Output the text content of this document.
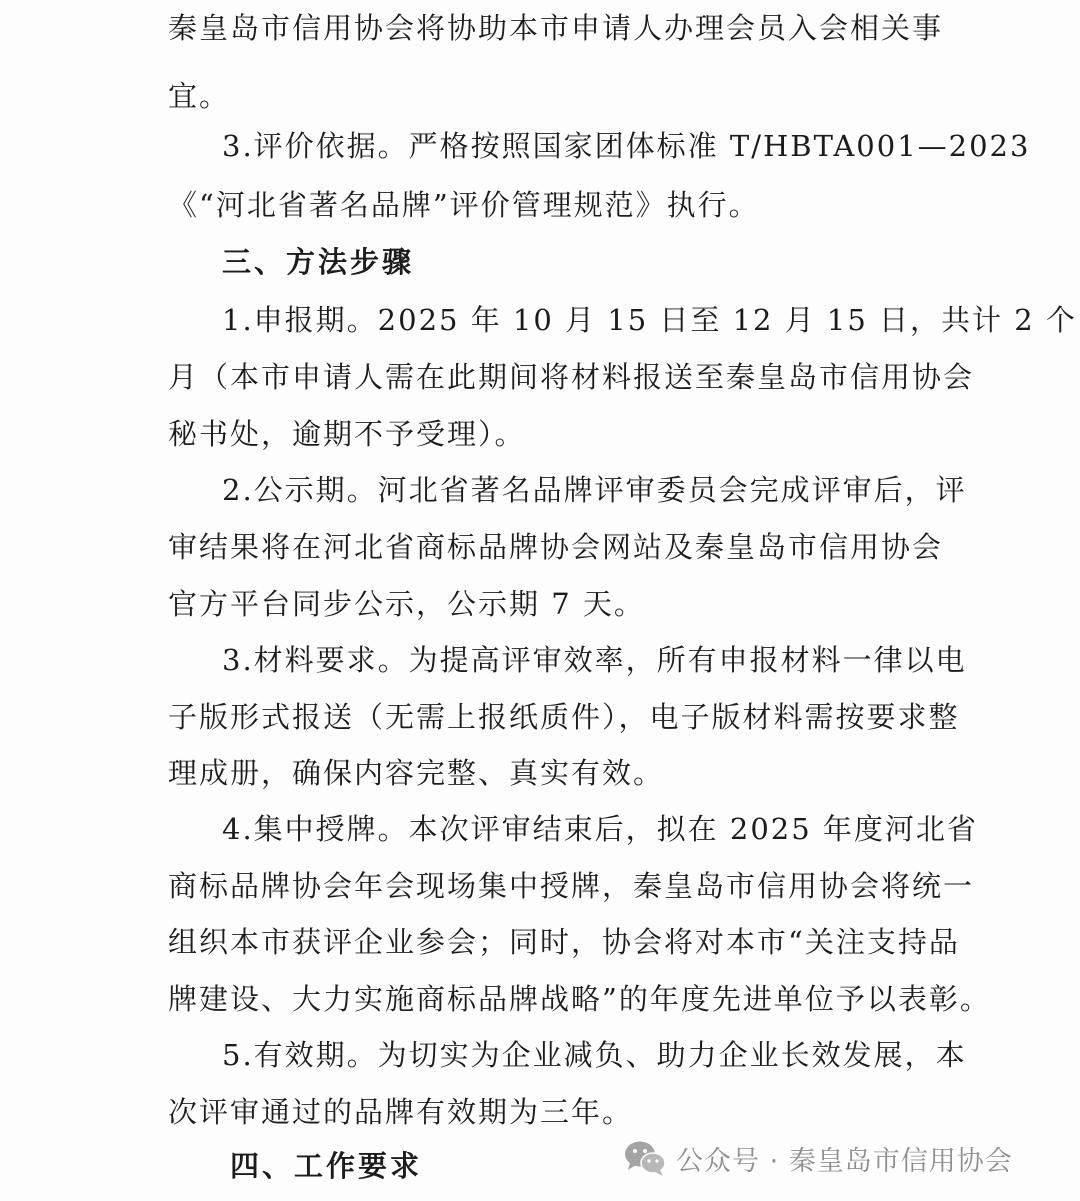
秦皇岛市信用协会将协助本市申请人办理会员入会相关事
宜。
3.评价依据。严格按照国家团体标准 T/HBTA001—2023
《“河北省著名品牌”评价管理规范》执行。
三、方法步骤
1.申报期。2025 年 10 月 15 日至 12 月 15 日，共计 2 个
月（本市申请人需在此期间将材料报送至秦皇岛市信用协会
秘书处，逾期不予受理）。
2.公示期。河北省著名品牌评审委员会完成评审后，评
审结果将在河北省商标品牌协会网站及秦皇岛市信用协会
官方平台同步公示，公示期 7 天。
3.材料要求。为提高评审效率，所有申报材料一律以电
子版形式报送（无需上报纸质件），电子版材料需按要求整
理成册，确保内容完整、真实有效。
4.集中授牌。本次评审结束后，拟在 2025 年度河北省
商标品牌协会年会现场集中授牌，秦皇岛市信用协会将统一
组织本市获评企业参会；同时，协会将对本市“关注支持品
牌建设、大力实施商标品牌战略”的年度先进单位予以表彰。
5.有效期。为切实为企业减负、助力企业长效发展，本
次评审通过的品牌有效期为三年。
四、工作要求	公众号 · 秦皇岛市信用协会
